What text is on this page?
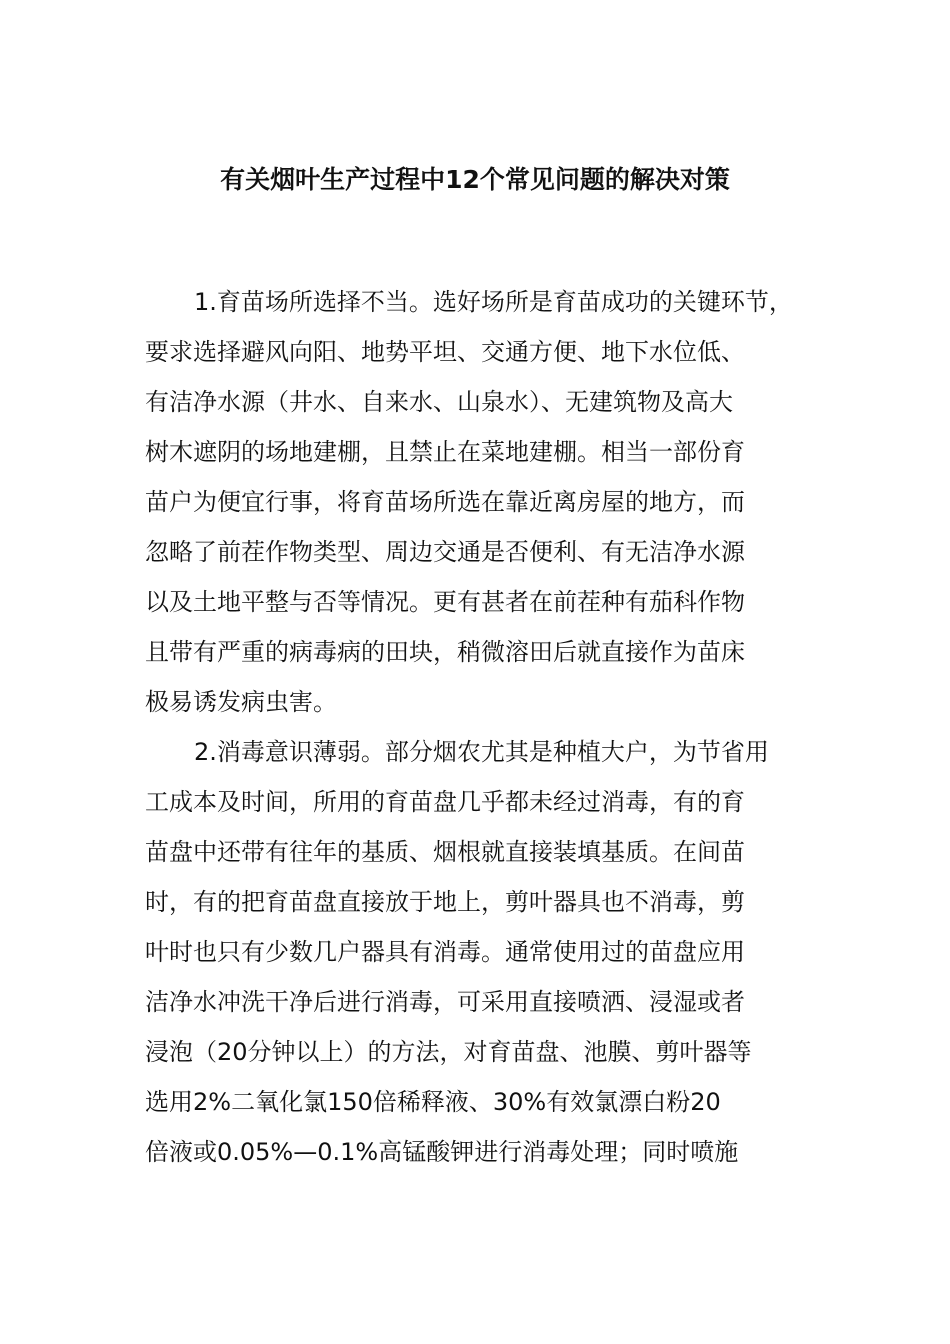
有关烟叶生产过程中12个常见问题的解决对策
1.育苗场所选择不当。选好场所是育苗成功的关键环节，
要求选择避风向阳、地势平坦、交通方便、地下水位低、
有洁净水源（井水、自来水、山泉水）、无建筑物及高大
树木遮阴的场地建棚，且禁止在菜地建棚。相当一部份育
苗户为便宜行事，将育苗场所选在靠近离房屋的地方，而
忽略了前茬作物类型、周边交通是否便利、有无洁净水源
以及土地平整与否等情况。更有甚者在前茬种有茄科作物
且带有严重的病毒病的田块，稍微溶田后就直接作为苗床
极易诱发病虫害。
2.消毒意识薄弱。部分烟农尤其是种植大户，为节省用
工成本及时间，所用的育苗盘几乎都未经过消毒，有的育
苗盘中还带有往年的基质、烟根就直接装填基质。在间苗
时，有的把育苗盘直接放于地上，剪叶器具也不消毒，剪
叶时也只有少数几户器具有消毒。通常使用过的苗盘应用
洁净水冲洗干净后进行消毒，可采用直接喷洒、浸湿或者
浸泡（20分钟以上）的方法，对育苗盘、池膜、剪叶器等
选用2%二氧化氯150倍稀释液、30%有效氯漂白粉20
倍液或0.05%—0.1%高锰酸钾进行消毒处理；同时喷施
